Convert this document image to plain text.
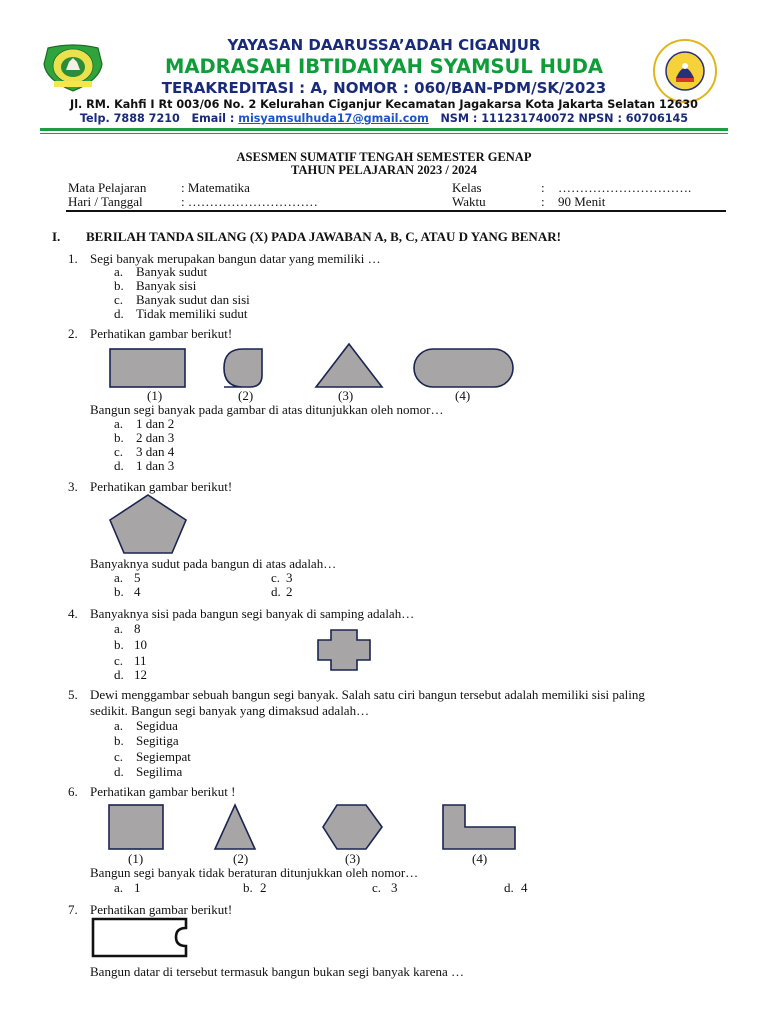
YAYASAN DAARUSSA’ADAH CIGANJUR
MADRASAH IBTIDAIYAH SYAMSUL HUDA
TERAKREDITASI : A, NOMOR : 060/BAN-PDM/SK/2023
Jl. RM. Kahfi I Rt 003/06 No. 2 Kelurahan Ciganjur Kecamatan Jagakarsa Kota Jakarta Selatan 12630
Telp. 7888 7210 Email : misyamsulhuda17@gmail.com NSM : 111231740072 NPSN : 60706145
ASESMEN SUMATIF TENGAH SEMESTER GENAP
TAHUN PELAJARAN 2023 / 2024
Mata Pelajaran	: Matematika	Kelas	: ………………………….
Hari / Tanggal	: …………………………	Waktu	: 90 Menit
I. BERILAH TANDA SILANG (X) PADA JAWABAN A, B, C, ATAU D YANG BENAR!
1. Segi banyak merupakan bangun datar yang memiliki …
a. Banyak sudut
b. Banyak sisi
c. Banyak sudut dan sisi
d. Tidak memiliki sudut
2. Perhatikan gambar berikut!
(1)	(2)	(3)	(4)
Bangun segi banyak pada gambar di atas ditunjukkan oleh nomor…
a. 1 dan 2
b. 2 dan 3
c. 3 dan 4
d. 1 dan 3
3. Perhatikan gambar berikut!
Banyaknya sudut pada bangun di atas adalah…
a. 5	c. 3
b. 4	d. 2
4. Banyaknya sisi pada bangun segi banyak di samping adalah…
a. 8
b. 10
c. 11
d. 12
5. Dewi menggambar sebuah bangun segi banyak. Salah satu ciri bangun tersebut adalah memiliki sisi paling
sedikit. Bangun segi banyak yang dimaksud adalah…
a. Segidua
b. Segitiga
c. Segiempat
d. Segilima
6. Perhatikan gambar berikut !
(1)	(2)	(3)	(4)
Bangun segi banyak tidak beraturan ditunjukkan oleh nomor…
a. 1	b. 2	c. 3	d. 4
7. Perhatikan gambar berikut!
Bangun datar di tersebut termasuk bangun bukan segi banyak karena …
